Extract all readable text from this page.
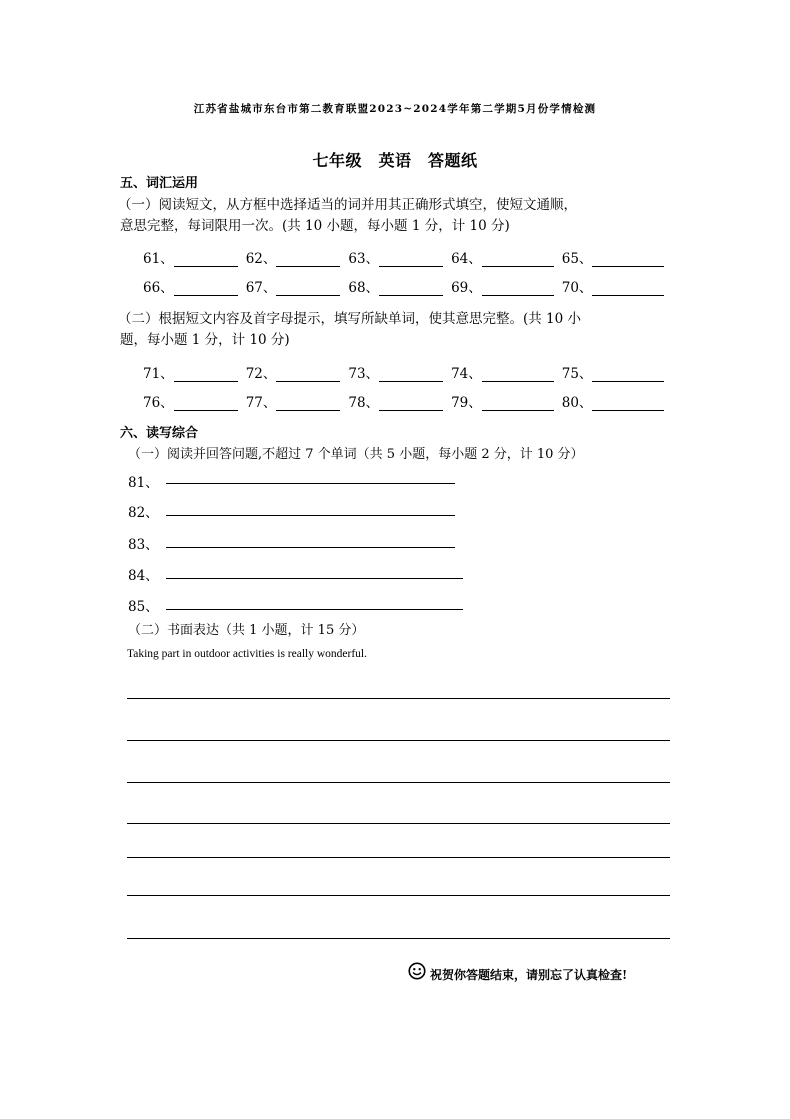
江苏省盐城市东台市第二教育联盟2023~2024学年第二学期5月份学情检测
七年级　英语　答题纸
五、词汇运用
（一）阅读短文，从方框中选择适当的词并用其正确形式填空，使短文通顺，
意思完整，每词限用一次。(共 10 小题，每小题 1 分，计 10 分)
61、	62、	63、	64、	65、
66、	67、	68、	69、	70、
（二）根据短文内容及首字母提示，填写所缺单词，使其意思完整。(共 10 小
题，每小题 1 分，计 10 分)
71、	72、	73、	74、	75、
76、	77、	78、	79、	80、
六、读写综合
（一）阅读并回答问题,不超过 7 个单词（共 5 小题，每小题 2 分，计 10 分）
81、
82、
83、
84、
85、
（二）书面表达（共 1 小题，计 15 分）
Taking part in outdoor activities is really wonderful.
祝贺你答题结束，请别忘了认真检查!
